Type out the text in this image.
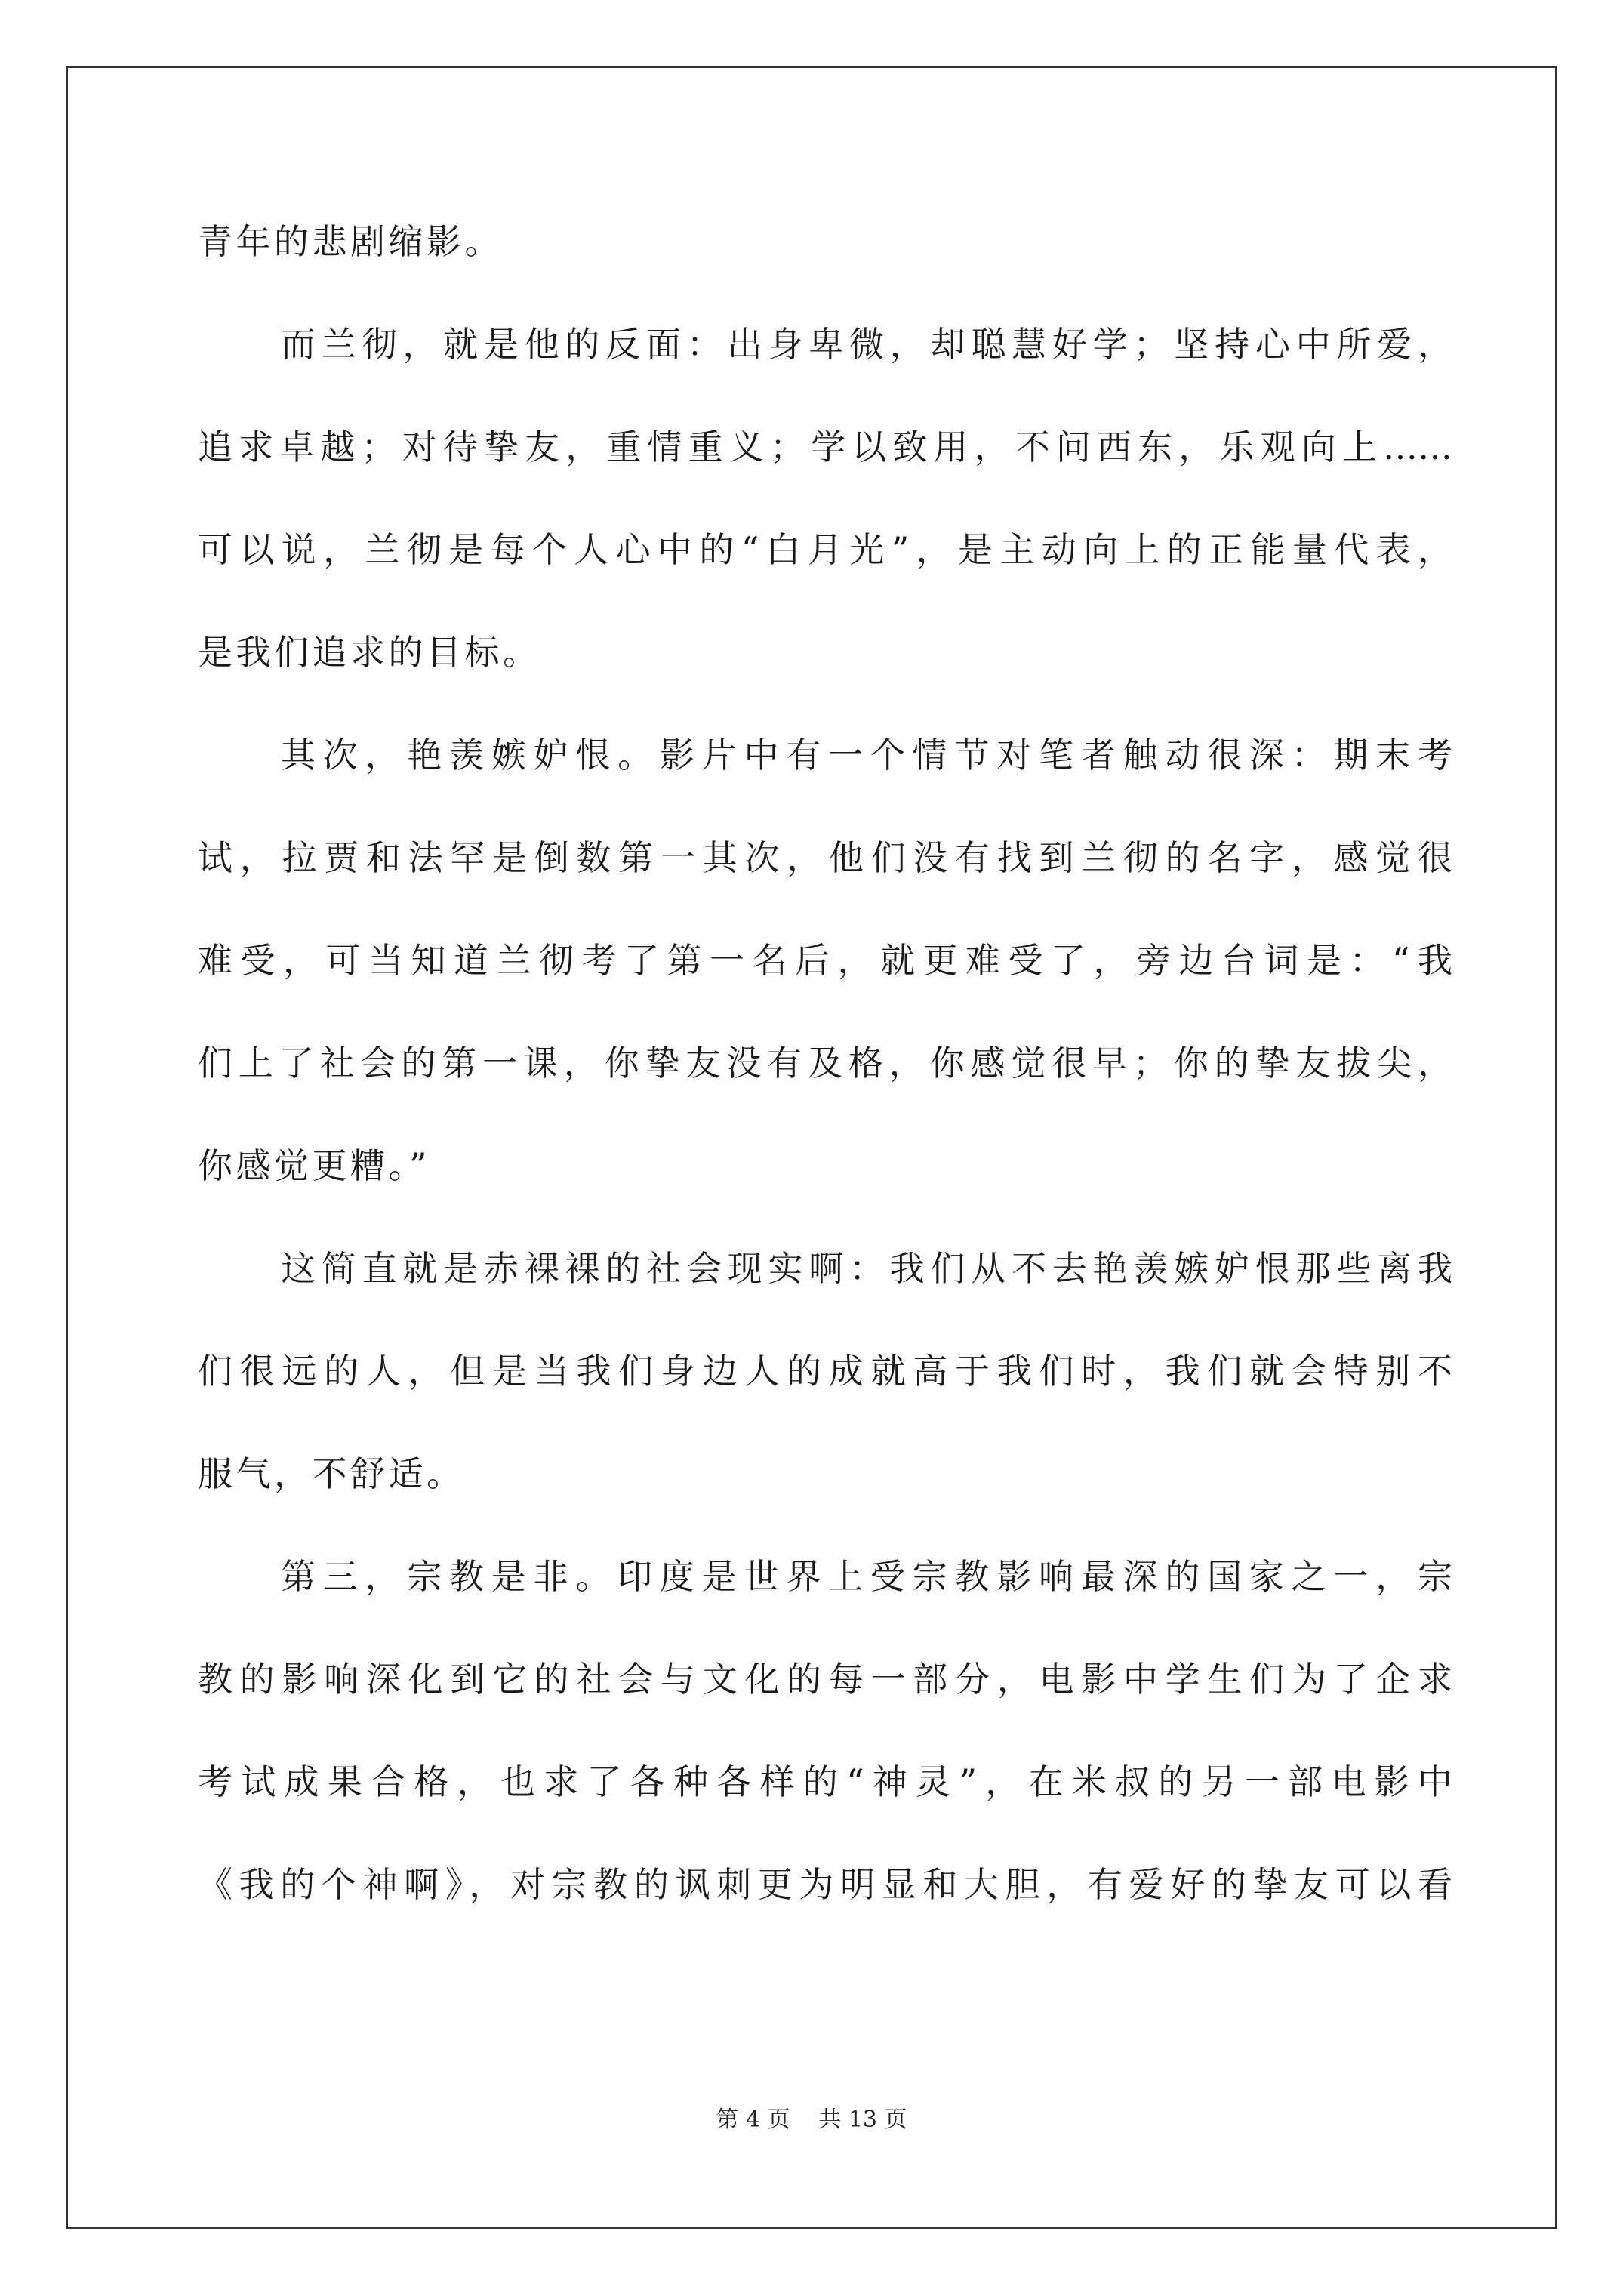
青年的悲剧缩影。
而兰彻，就是他的反面：出身卑微，却聪慧好学；坚持心中所爱，
追求卓越；对待挚友，重情重义；学以致用，不问西东，乐观向上……
可以说，兰彻是每个人心中的“白月光”，是主动向上的正能量代表，
是我们追求的目标。
其次，艳羡嫉妒恨。影片中有一个情节对笔者触动很深：期末考
试，拉贾和法罕是倒数第一其次，他们没有找到兰彻的名字，感觉很
难受，可当知道兰彻考了第一名后，就更难受了，旁边台词是：“我
们上了社会的第一课，你挚友没有及格，你感觉很早；你的挚友拔尖，
你感觉更糟。”
这简直就是赤裸裸的社会现实啊：我们从不去艳羡嫉妒恨那些离我
们很远的人，但是当我们身边人的成就高于我们时，我们就会特别不
服气，不舒适。
第三，宗教是非。印度是世界上受宗教影响最深的国家之一，宗
教的影响深化到它的社会与文化的每一部分，电影中学生们为了企求
考试成果合格，也求了各种各样的“神灵”，在米叔的另一部电影中
《我的个神啊》，对宗教的讽刺更为明显和大胆，有爱好的挚友可以看
第 4 页 共 13 页
